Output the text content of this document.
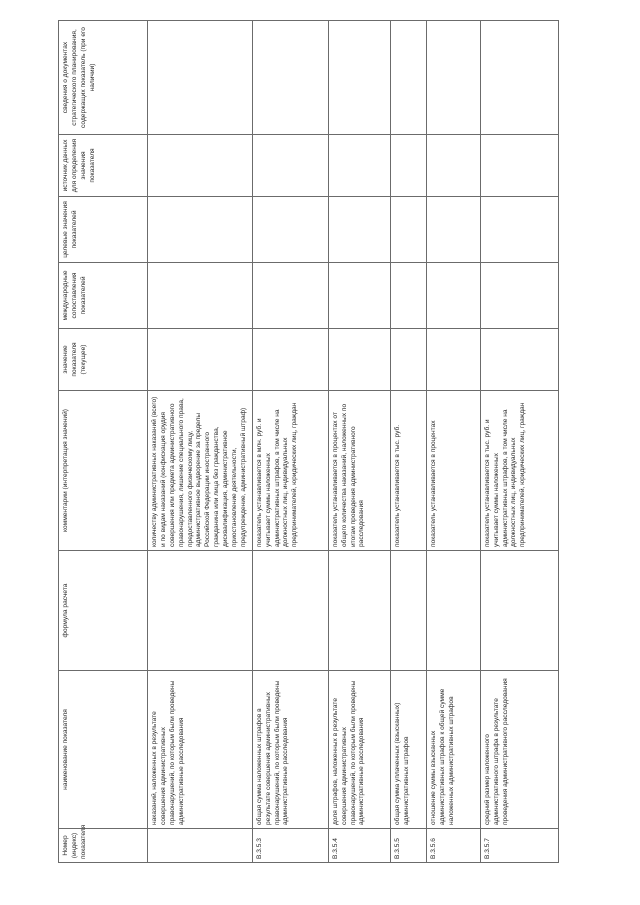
Номер (индекс) показателя	наименование показателя	формула расчета	комментарии (интерпретация значений)	значение показателя (текущее)	международные сопоставления показателей	целевые значения показателей	источник данных для определения значения показателя	сведения о документах стратегического планирования, содержащих показатель (при его наличии)
	наказаний, наложенных в результате совершения административных правонарушений, по которым были проведены административные расследования		количеству административных наказаний (всего) и по видам наказаний (конфискация орудия совершения или предмета административного правонарушения, лишение специального права, предоставленного физическому лицу, административное выдворение за пределы Российской Федерации иностранного гражданина или лица без гражданства, дисквалификация, административное приостановление деятельности, предупреждение, административный штраф)					
В.3.5.3	общая сумма наложенных штрафов в результате совершения административных правонарушений, по которым были проведены административные расследования		показатель устанавливается в млн. руб. и учитывает суммы наложенных административных штрафов, в том числе на должностных лиц, индивидуальных предпринимателей, юридических лиц, граждан					
В.3.5.4	доля штрафов, наложенных в результате совершения административных правонарушений, по которым были проведены административные расследования		показатель устанавливается в процентах от общего количества наказаний, наложенных по итогам проведения административного расследования					
В.3.5.5	общая сумма уплаченных (взысканных) административных штрафов		показатель устанавливается в тыс. руб.					
В.3.5.6	отношение суммы взысканных административных штрафов к общей сумме наложенных административных штрафов		показатель устанавливается в процентах					
В.3.5.7	средний размер наложенного административного штрафа в результате проведения административного расследования		показатель устанавливается в тыс. руб. и учитывает суммы наложенных административных штрафов, в том числе на должностных лиц, индивидуальных предпринимателей, юридических лиц, граждан					
